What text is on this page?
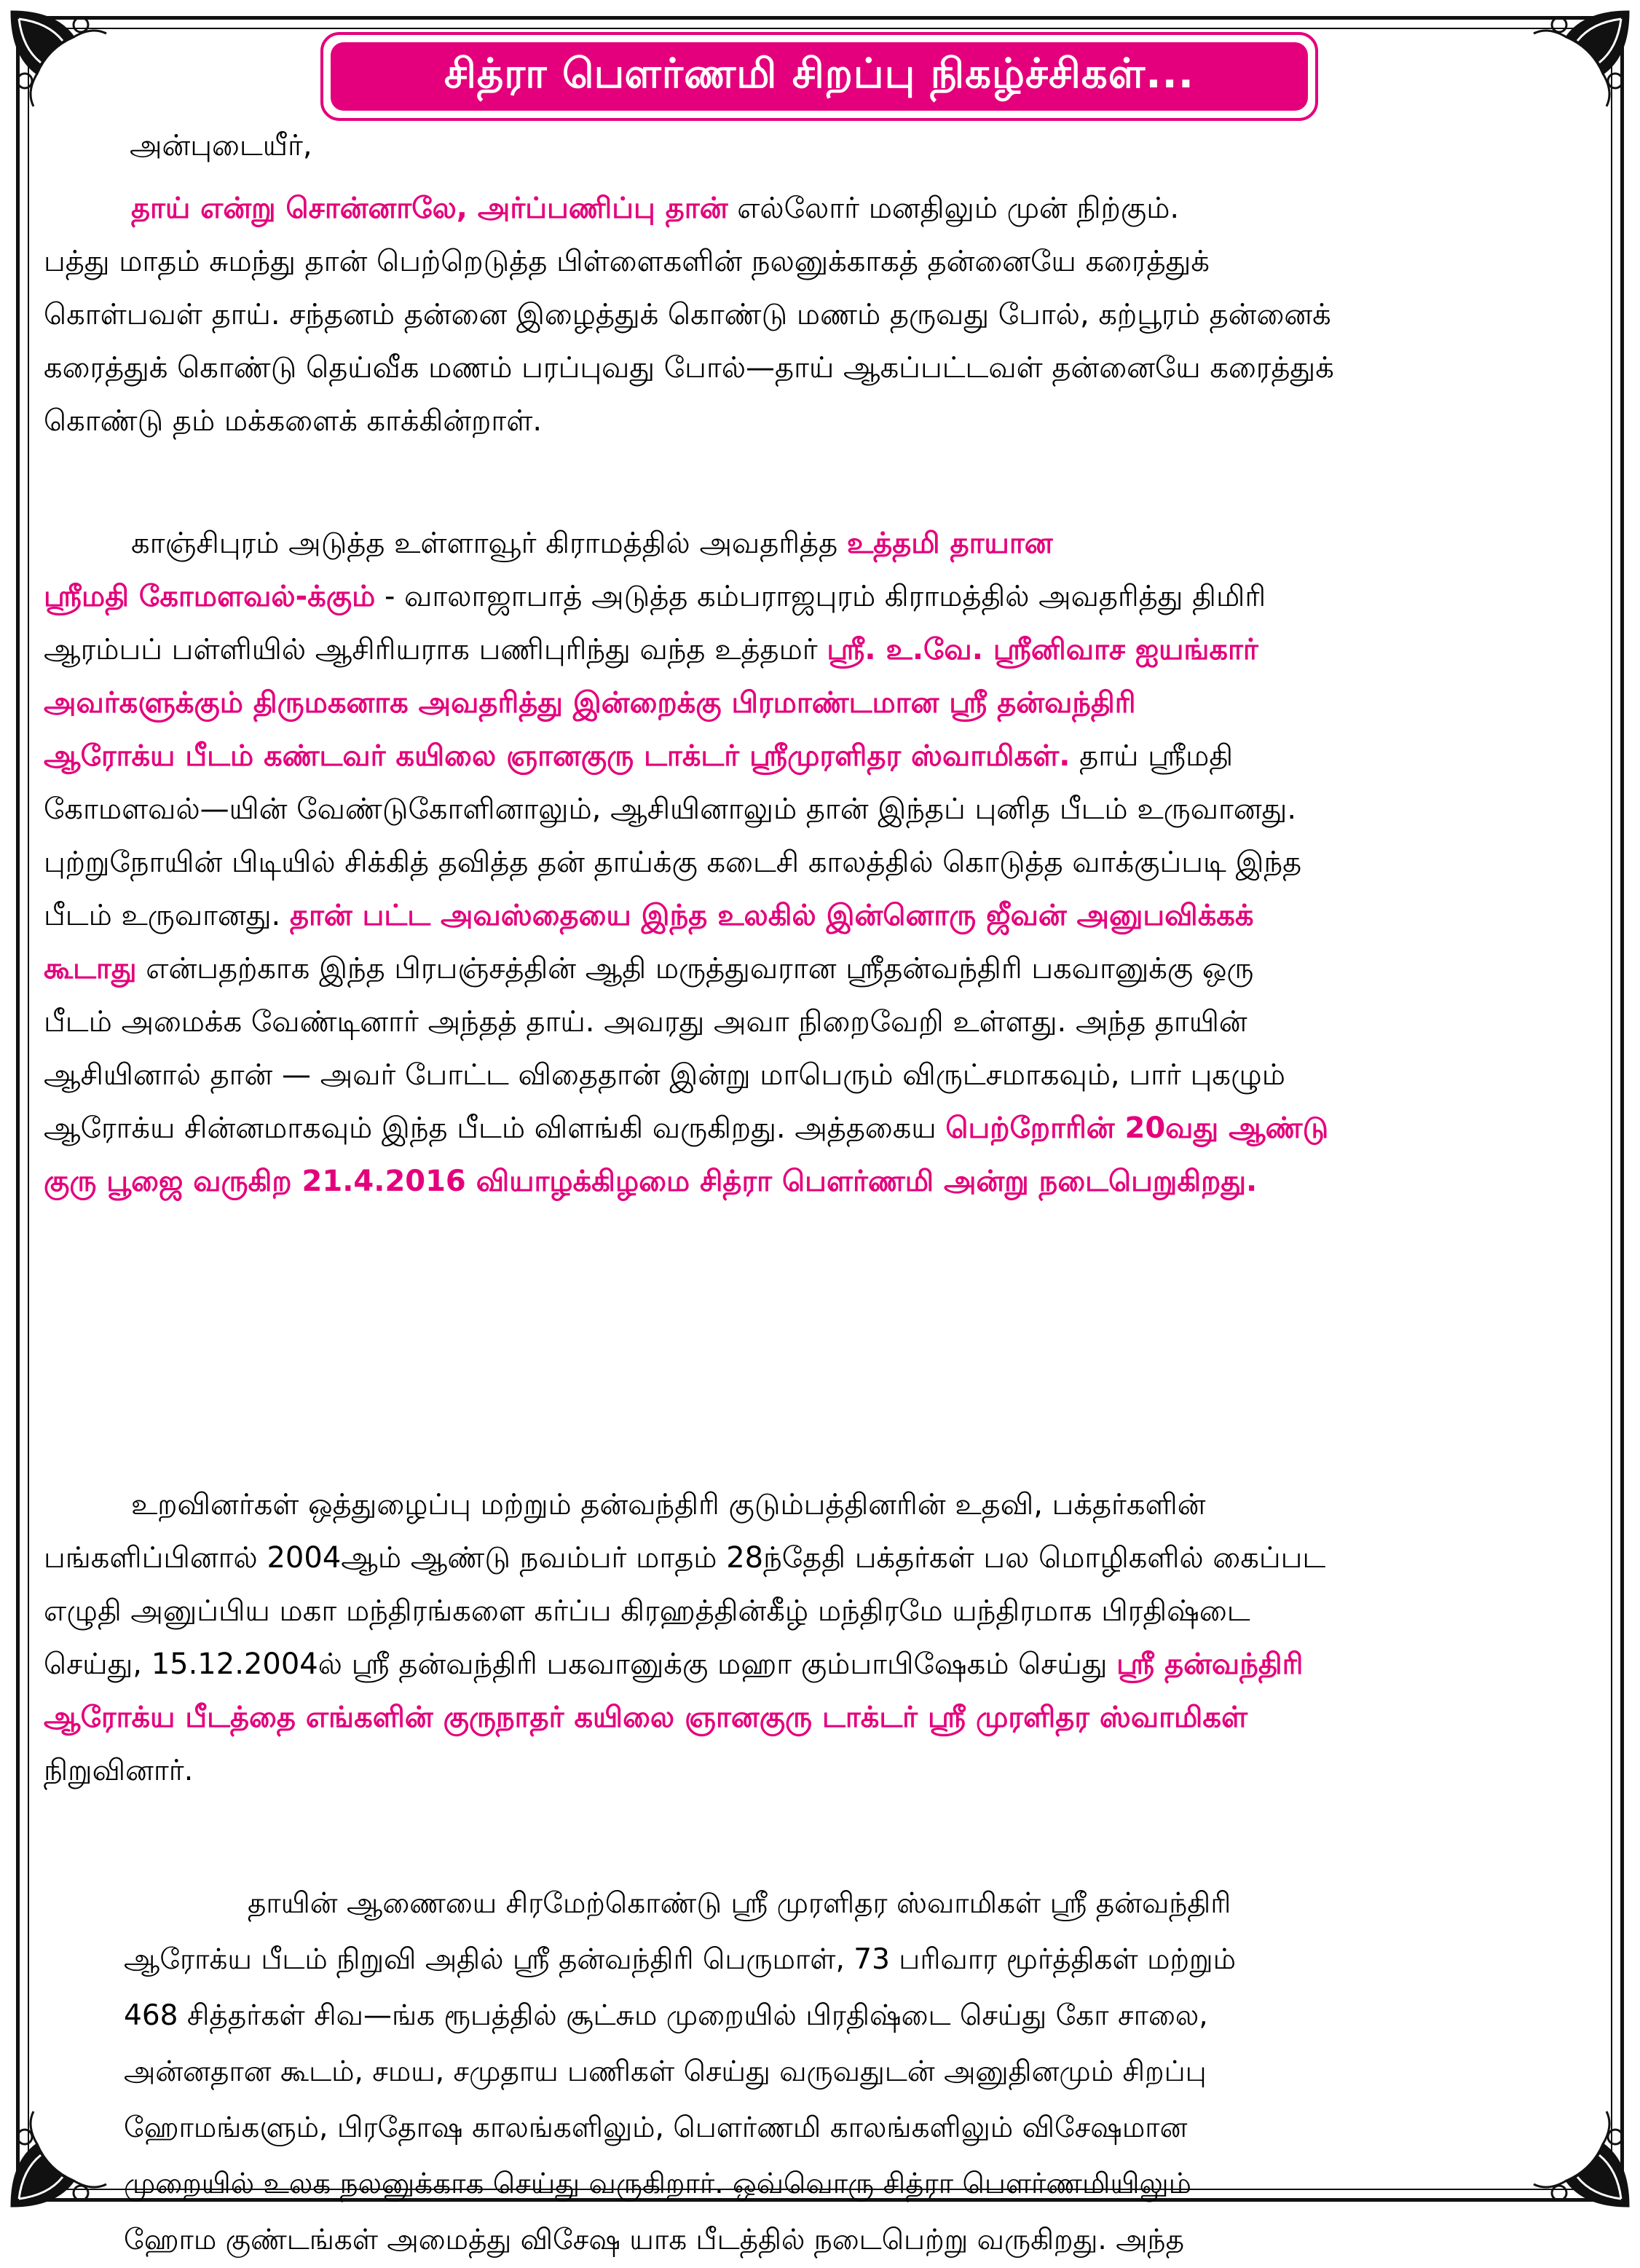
சித்ரா பௌர்ணமி சிறப்பு நிகழ்ச்சிகள்...
அன்புடையீர்,
தாய் என்று சொன்னாலே, அர்ப்பணிப்பு தான் எல்லோர் மனதிலும் முன் நிற்கும்.
பத்து மாதம் சுமந்து தான் பெற்றெடுத்த பிள்ளைகளின் நலனுக்காகத் தன்னையே கரைத்துக்
கொள்பவள் தாய். சந்தனம் தன்னை இழைத்துக் கொண்டு மணம் தருவது போல், கற்பூரம் தன்னைக்
கரைத்துக் கொண்டு தெய்வீக மணம் பரப்புவது போல்—தாய் ஆகப்பட்டவள் தன்னையே கரைத்துக்
கொண்டு தம் மக்களைக் காக்கின்றாள்.
காஞ்சிபுரம் அடுத்த உள்ளாவூர் கிராமத்தில் அவதரித்த உத்தமி தாயான
ஸ்ரீமதி கோமளவல்-க்கும் - வாலாஜாபாத் அடுத்த கம்பராஜபுரம் கிராமத்தில் அவதரித்து திமிரி
ஆரம்பப் பள்ளியில் ஆசிரியராக பணிபுரிந்து வந்த உத்தமர் ஸ்ரீ. உ.வே. ஸ்ரீனிவாச ஐயங்கார்
அவர்களுக்கும் திருமகனாக அவதரித்து இன்றைக்கு பிரமாண்டமான ஸ்ரீ தன்வந்திரி
ஆரோக்ய பீடம் கண்டவர் கயிலை ஞானகுரு டாக்டர் ஸ்ரீமுரளிதர ஸ்வாமிகள். தாய் ஸ்ரீமதி
கோமளவல்—யின் வேண்டுகோளினாலும், ஆசியினாலும் தான் இந்தப் புனித பீடம் உருவானது.
புற்றுநோயின் பிடியில் சிக்கித் தவித்த தன் தாய்க்கு கடைசி காலத்தில் கொடுத்த வாக்குப்படி இந்த
பீடம் உருவானது. தான் பட்ட அவஸ்தையை இந்த உலகில் இன்னொரு ஜீவன் அனுபவிக்கக்
கூடாது என்பதற்காக இந்த பிரபஞ்சத்தின் ஆதி மருத்துவரான ஸ்ரீதன்வந்திரி பகவானுக்கு ஒரு
பீடம் அமைக்க வேண்டினார் அந்தத் தாய். அவரது அவா நிறைவேறி உள்ளது. அந்த தாயின்
ஆசியினால் தான் — அவர் போட்ட விதைதான் இன்று மாபெரும் விருட்சமாகவும், பார் புகழும்
ஆரோக்ய சின்னமாகவும் இந்த பீடம் விளங்கி வருகிறது. அத்தகைய பெற்றோரின் 20வது ஆண்டு
குரு பூஜை வருகிற 21.4.2016 வியாழக்கிழமை சித்ரா பௌர்ணமி அன்று நடைபெறுகிறது.
உறவினர்கள் ஒத்துழைப்பு மற்றும் தன்வந்திரி குடும்பத்தினரின் உதவி, பக்தர்களின்
பங்களிப்பினால் 2004ஆம் ஆண்டு நவம்பர் மாதம் 28ந்தேதி பக்தர்கள் பல மொழிகளில் கைப்பட
எழுதி அனுப்பிய மகா மந்திரங்களை கர்ப்ப கிரஹத்தின்கீழ் மந்திரமே யந்திரமாக பிரதிஷ்டை
செய்து, 15.12.2004ல் ஸ்ரீ தன்வந்திரி பகவானுக்கு மஹா கும்பாபிஷேகம் செய்து ஸ்ரீ தன்வந்திரி
ஆரோக்ய பீடத்தை எங்களின் குருநாதர் கயிலை ஞானகுரு டாக்டர் ஸ்ரீ முரளிதர ஸ்வாமிகள்
நிறுவினார்.
தாயின் ஆணையை சிரமேற்கொண்டு ஸ்ரீ முரளிதர ஸ்வாமிகள் ஸ்ரீ தன்வந்திரி
ஆரோக்ய பீடம் நிறுவி அதில் ஸ்ரீ தன்வந்திரி பெருமாள், 73 பரிவார மூர்த்திகள் மற்றும்
468 சித்தர்கள் சிவ—ங்க ரூபத்தில் சூட்சும முறையில் பிரதிஷ்டை செய்து கோ சாலை,
அன்னதான கூடம், சமய, சமுதாய பணிகள் செய்து வருவதுடன் அனுதினமும் சிறப்பு
ஹோமங்களும், பிரதோஷ காலங்களிலும், பௌர்ணமி காலங்களிலும் விசேஷமான
முறையில் உலக நலனுக்காக செய்து வருகிறார். ஒவ்வொரு சித்ரா பௌர்ணமியிலும்
ஹோம குண்டங்கள் அமைத்து விசேஷ யாக பீடத்தில் நடைபெற்று வருகிறது. அந்த
